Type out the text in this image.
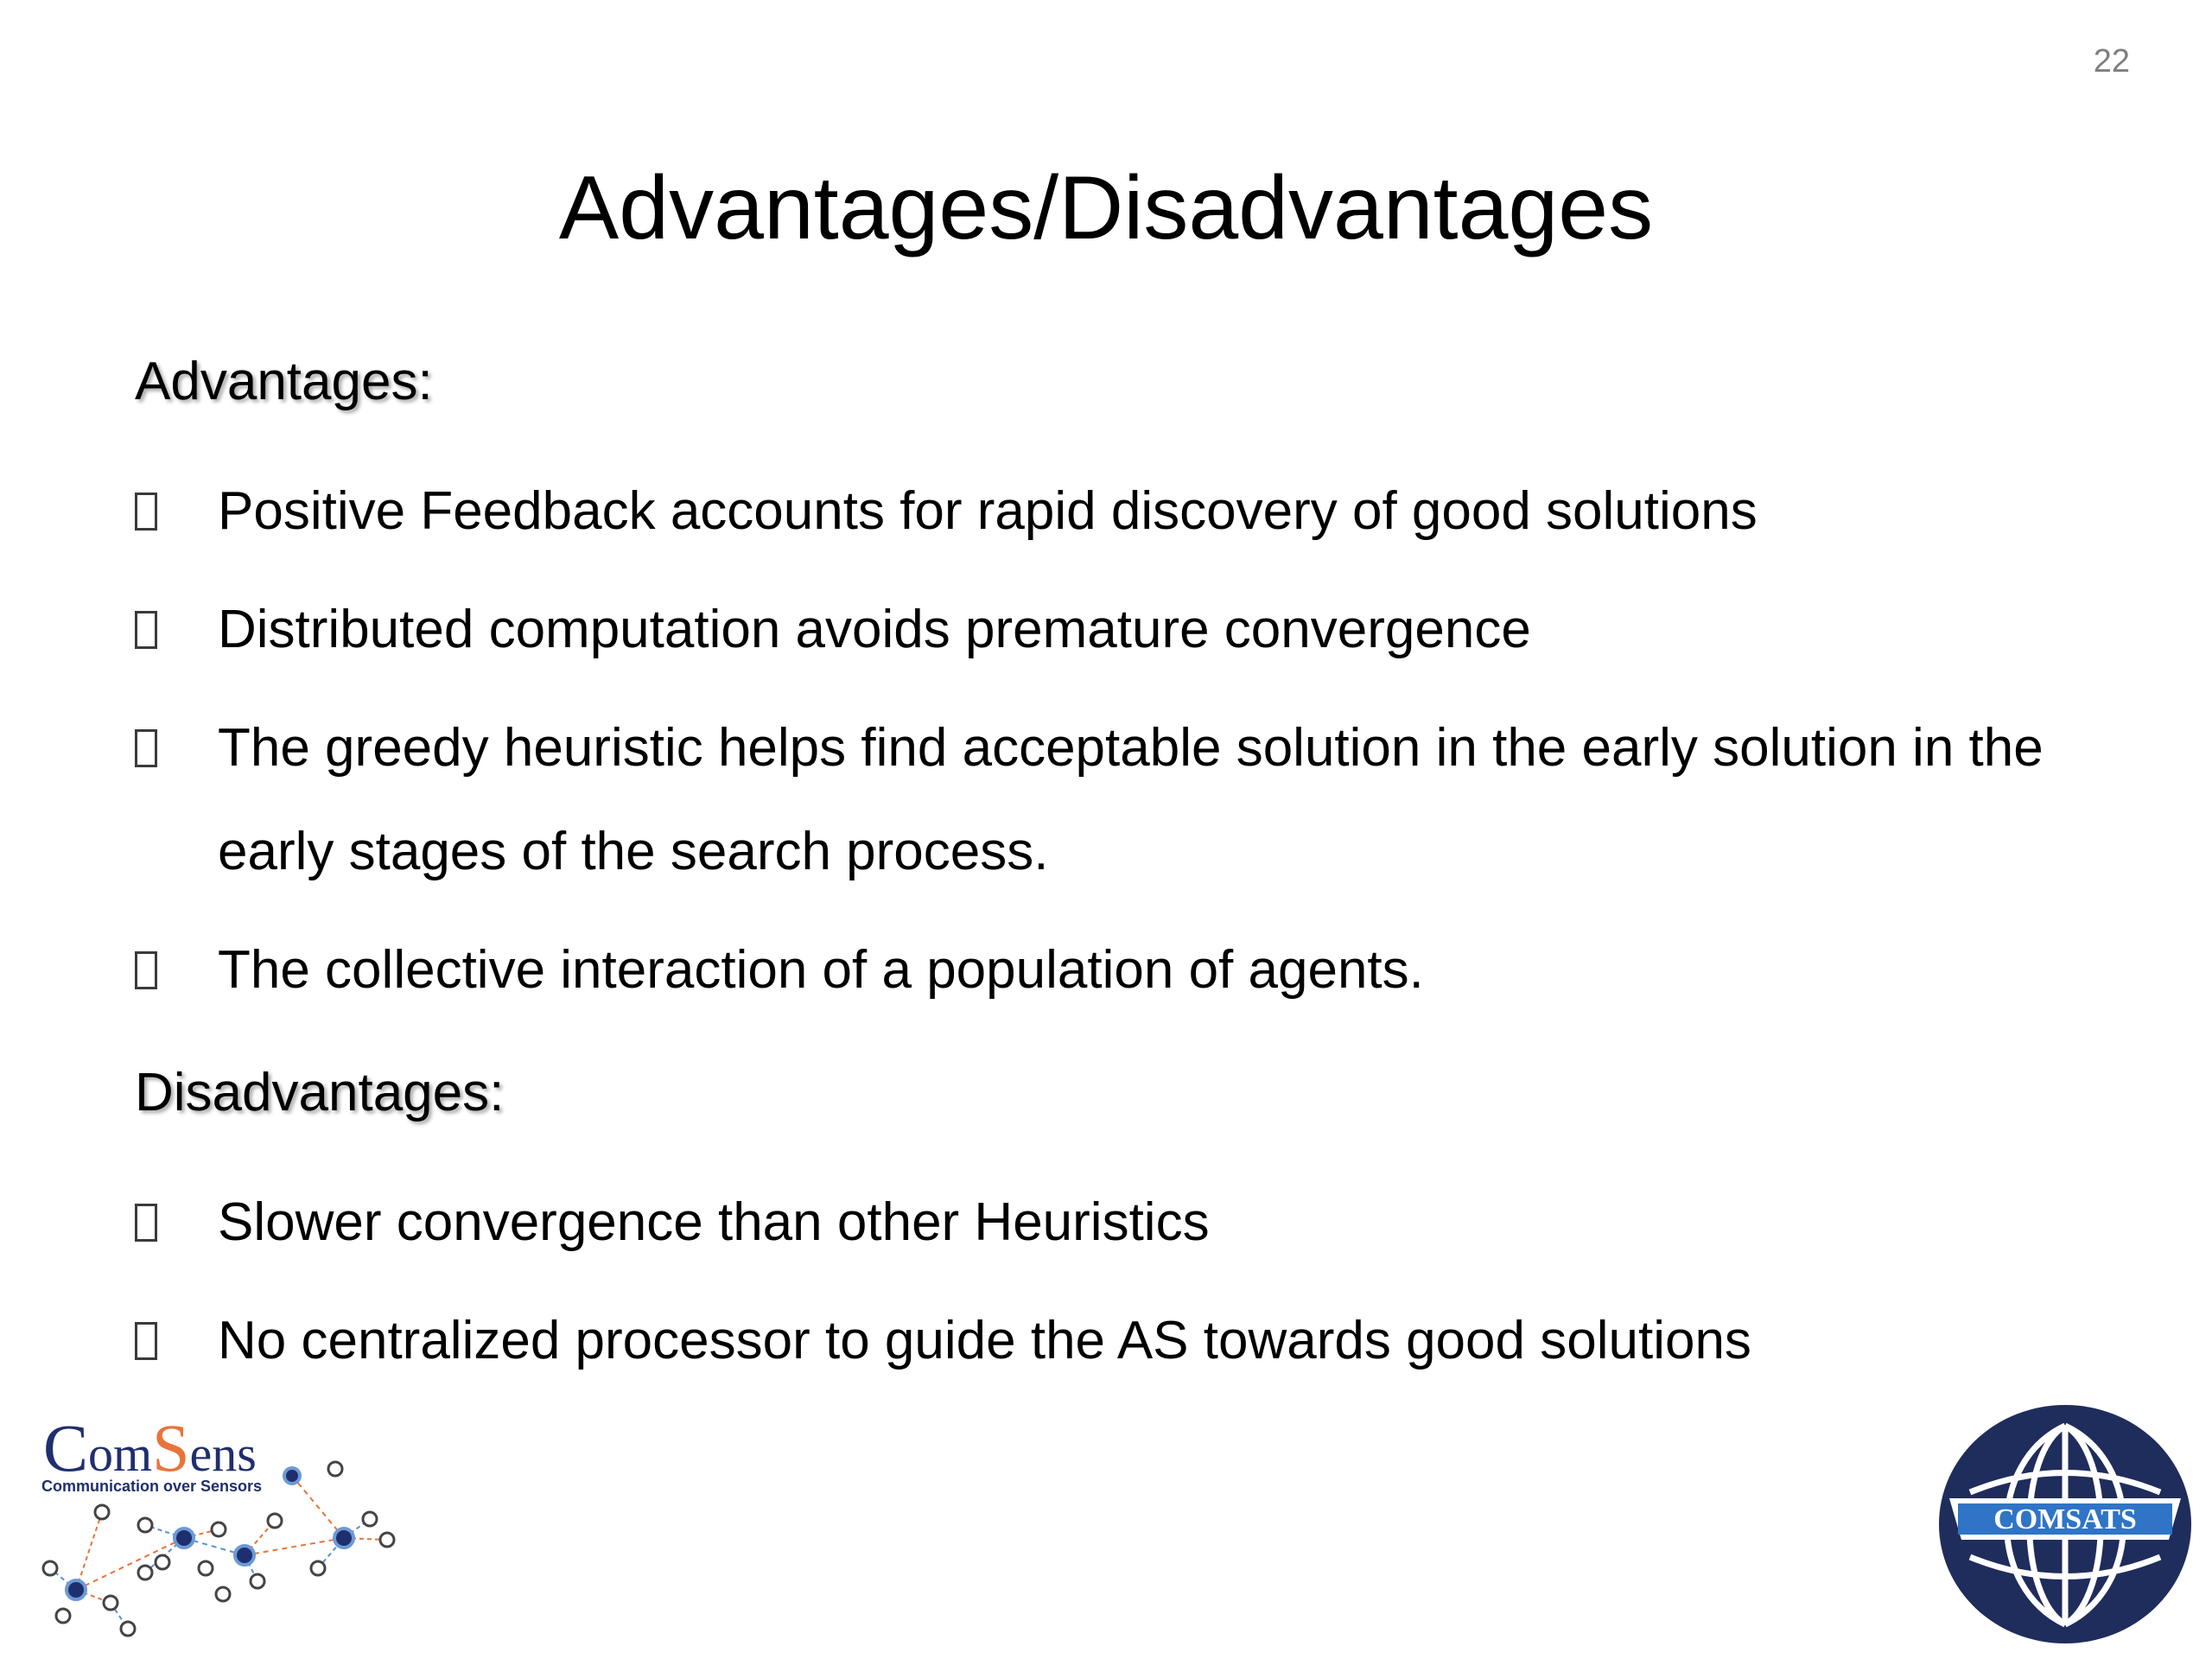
22
Advantages/Disadvantages
Advantages:
Positive Feedback accounts for rapid discovery of good solutions
Distributed computation avoids premature convergence
The greedy heuristic helps find acceptable solution in the early solution in the early stages of the search process.
The collective interaction of a population of agents.
Disadvantages:
Slower convergence than other Heuristics
No centralized processor to guide the AS towards good solutions
ComSens
Communication over Sensors
COMSATS
